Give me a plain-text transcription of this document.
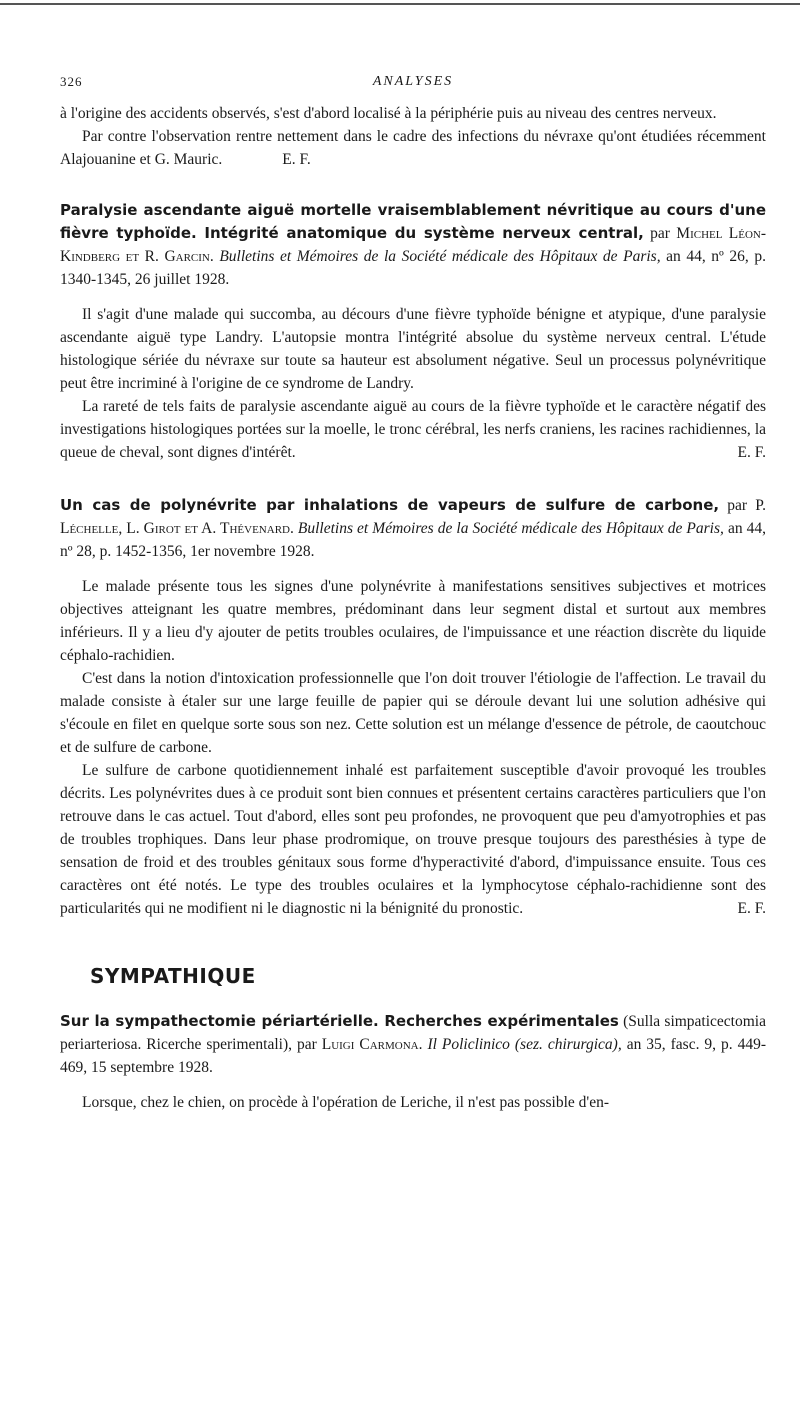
326	ANALYSES

à l'origine des accidents observés, s'est d'abord localisé à la périphérie puis au niveau des centres nerveux.

Par contre l'observation rentre nettement dans le cadre des infections du névraxe qu'ont étudiées récemment Alajouanine et G. Mauric.	E. F.

Paralysie ascendante aiguë mortelle vraisemblablement névritique au cours d'une fièvre typhoïde. Intégrité anatomique du système nerveux central, par Michel Léon-Kindberg et R. Garcin. Bulletins et Mémoires de la Société médicale des Hôpitaux de Paris, an 44, nº 26, p. 1340-1345, 26 juillet 1928.

Il s'agit d'une malade qui succomba, au décours d'une fièvre typhoïde bénigne et atypique, d'une paralysie ascendante aiguë type Landry. L'autopsie montra l'intégrité absolue du système nerveux central. L'étude histologique sériée du névraxe sur toute sa hauteur est absolument négative. Seul un processus polynévritique peut être incriminé à l'origine de ce syndrome de Landry.

La rareté de tels faits de paralysie ascendante aiguë au cours de la fièvre typhoïde et le caractère négatif des investigations histologiques portées sur la moelle, le tronc cérébral, les nerfs craniens, les racines rachidiennes, la queue de cheval, sont dignes d'intérêt.	E. F.

Un cas de polynévrite par inhalations de vapeurs de sulfure de carbone, par P. Léchelle, L. Girot et A. Thévenard. Bulletins et Mémoires de la Société médicale des Hôpitaux de Paris, an 44, nº 28, p. 1452-1356, 1er novembre 1928.

Le malade présente tous les signes d'une polynévrite à manifestations sensitives subjectives et motrices objectives atteignant les quatre membres, prédominant dans leur segment distal et surtout aux membres inférieurs. Il y a lieu d'y ajouter de petits troubles oculaires, de l'impuissance et une réaction discrète du liquide céphalo-rachidien.

C'est dans la notion d'intoxication professionnelle que l'on doit trouver l'étiologie de l'affection. Le travail du malade consiste à étaler sur une large feuille de papier qui se déroule devant lui une solution adhésive qui s'écoule en filet en quelque sorte sous son nez. Cette solution est un mélange d'essence de pétrole, de caoutchouc et de sulfure de carbone.

Le sulfure de carbone quotidiennement inhalé est parfaitement susceptible d'avoir provoqué les troubles décrits. Les polynévrites dues à ce produit sont bien connues et présentent certains caractères particuliers que l'on retrouve dans le cas actuel. Tout d'abord, elles sont peu profondes, ne provoquent que peu d'amyotrophies et pas de troubles trophiques. Dans leur phase prodromique, on trouve presque toujours des paresthésies à type de sensation de froid et des troubles génitaux sous forme d'hyperactivité d'abord, d'impuissance ensuite. Tous ces caractères ont été notés. Le type des troubles oculaires et la lymphocytose céphalo-rachidienne sont des particularités qui ne modifient ni le diagnostic ni la bénignité du pronostic.	E. F.

SYMPATHIQUE

Sur la sympathectomie périartérielle. Recherches expérimentales (Sulla simpaticectomia periarteriosa. Ricerche sperimentali), par Luigi Carmona. Il Policlinico (sez. chirurgica), an 35, fasc. 9, p. 449-469, 15 septembre 1928.

Lorsque, chez le chien, on procède à l'opération de Leriche, il n'est pas possible d'en-
